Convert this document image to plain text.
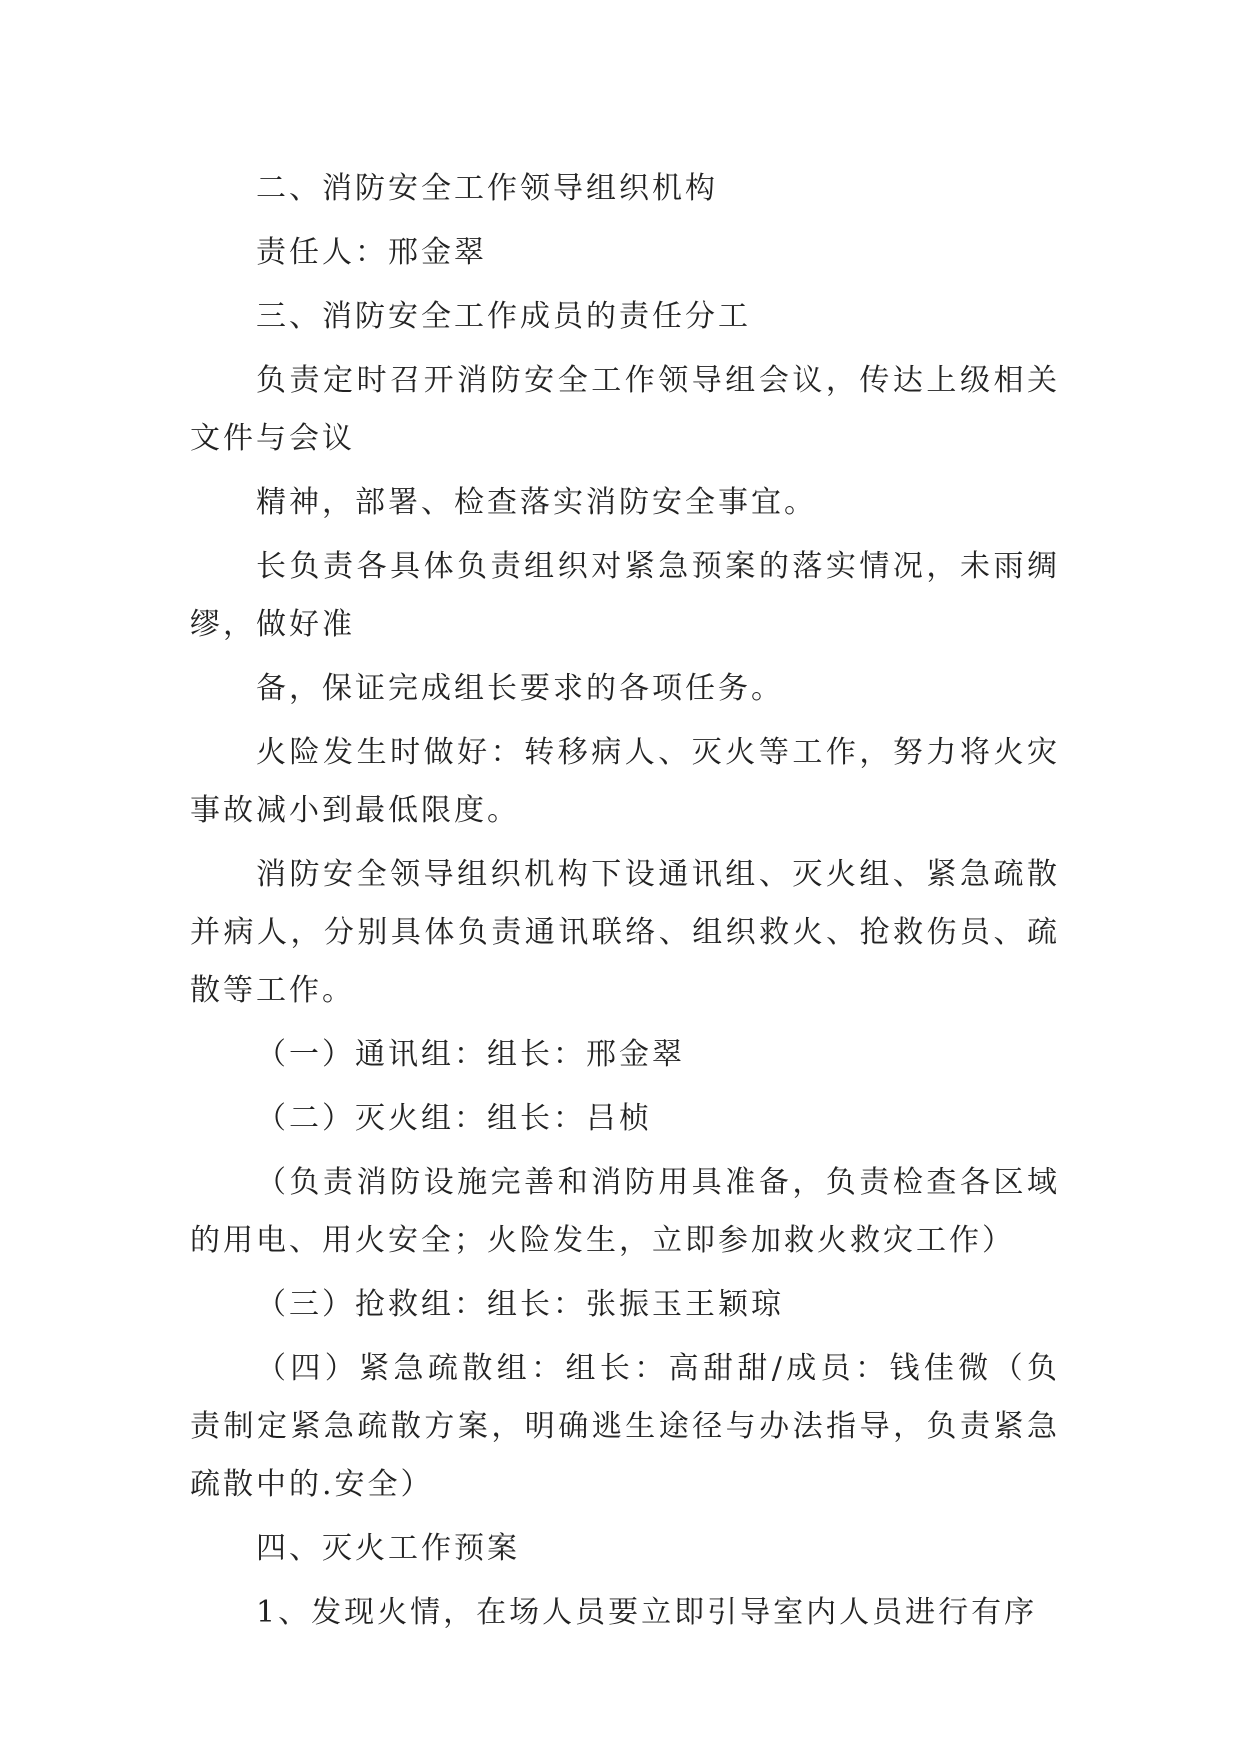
二、消防安全工作领导组织机构

责任人：邢金翠

三、消防安全工作成员的责任分工

负责定时召开消防安全工作领导组会议，传达上级相关文件与会议

精神，部署、检查落实消防安全事宜。

长负责各具体负责组织对紧急预案的落实情况，未雨绸缪，做好准

备，保证完成组长要求的各项任务。

火险发生时做好：转移病人、灭火等工作，努力将火灾事故减小到最低限度。

消防安全领导组织机构下设通讯组、灭火组、紧急疏散并病人，分别具体负责通讯联络、组织救火、抢救伤员、疏散等工作。

（一）通讯组：组长：邢金翠

（二）灭火组：组长：吕桢

（负责消防设施完善和消防用具准备，负责检查各区域的用电、用火安全；火险发生，立即参加救火救灾工作）

（三）抢救组：组长：张振玉王颖琼

（四）紧急疏散组：组长：高甜甜/成员：钱佳微（负责制定紧急疏散方案，明确逃生途径与办法指导，负责紧急疏散中的.安全）

四、灭火工作预案

1、发现火情，在场人员要立即引导室内人员进行有序
